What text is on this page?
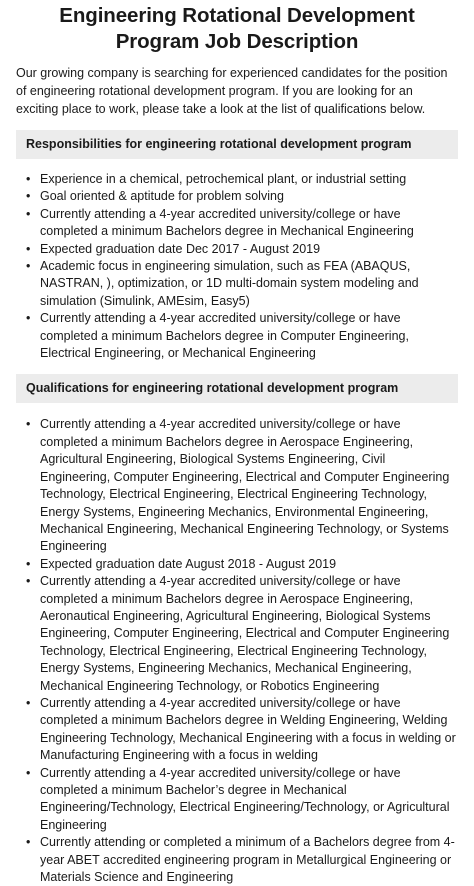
Engineering Rotational Development Program Job Description

Our growing company is searching for experienced candidates for the position of engineering rotational development program. If you are looking for an exciting place to work, please take a look at the list of qualifications below.

Responsibilities for engineering rotational development program
• Experience in a chemical, petrochemical plant, or industrial setting
• Goal oriented & aptitude for problem solving
• Currently attending a 4-year accredited university/college or have completed a minimum Bachelors degree in Mechanical Engineering
• Expected graduation date Dec 2017 - August 2019
• Academic focus in engineering simulation, such as FEA (ABAQUS, NASTRAN, ), optimization, or 1D multi-domain system modeling and simulation (Simulink, AMEsim, Easy5)
• Currently attending a 4-year accredited university/college or have completed a minimum Bachelors degree in Computer Engineering, Electrical Engineering, or Mechanical Engineering
Qualifications for engineering rotational development program
• Currently attending a 4-year accredited university/college or have completed a minimum Bachelors degree in Aerospace Engineering, Agricultural Engineering, Biological Systems Engineering, Civil Engineering, Computer Engineering, Electrical and Computer Engineering Technology, Electrical Engineering, Electrical Engineering Technology, Energy Systems, Engineering Mechanics, Environmental Engineering, Mechanical Engineering, Mechanical Engineering Technology, or Systems Engineering
• Expected graduation date August 2018 - August 2019
• Currently attending a 4-year accredited university/college or have completed a minimum Bachelors degree in Aerospace Engineering, Aeronautical Engineering, Agricultural Engineering, Biological Systems Engineering, Computer Engineering, Electrical and Computer Engineering Technology, Electrical Engineering, Electrical Engineering Technology, Energy Systems, Engineering Mechanics, Mechanical Engineering, Mechanical Engineering Technology, or Robotics Engineering
• Currently attending a 4-year accredited university/college or have completed a minimum Bachelors degree in Welding Engineering, Welding Engineering Technology, Mechanical Engineering with a focus in welding or Manufacturing Engineering with a focus in welding
• Currently attending a 4-year accredited university/college or have completed a minimum Bachelor’s degree in Mechanical Engineering/Technology, Electrical Engineering/Technology, or Agricultural Engineering
• Currently attending or completed a minimum of a Bachelors degree from 4-year ABET accredited engineering program in Metallurgical Engineering or Materials Science and Engineering
